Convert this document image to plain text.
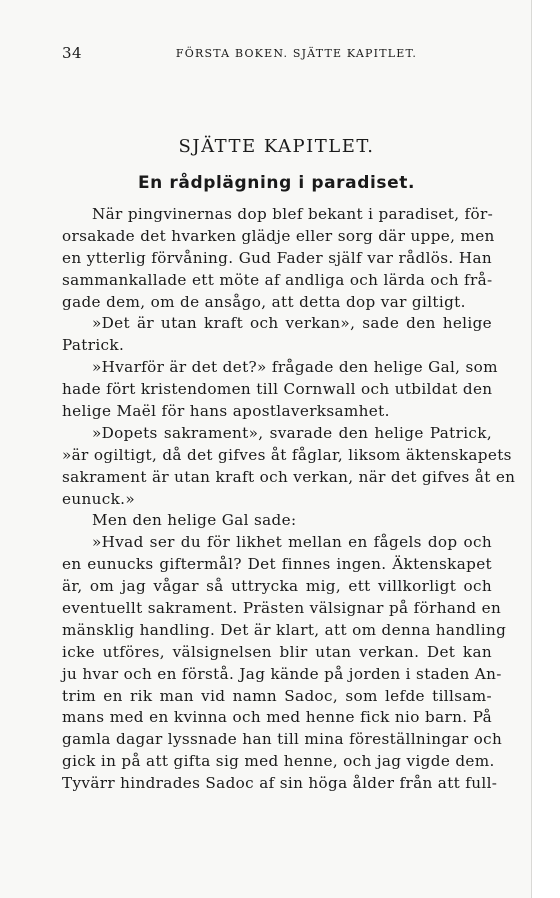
34	FÖRSTA BOKEN. SJÄTTE KAPITLET.
SJÄTTE KAPITLET.
En rådplägning i paradiset.
När pingvinernas dop blef bekant i paradiset, för-
orsakade det hvarken glädje eller sorg där uppe, men
en ytterlig förvåning. Gud Fader själf var rådlös. Han
sammankallade ett möte af andliga och lärda och frå-
gade dem, om de ansågo, att detta dop var giltigt.
»Det är utan kraft och verkan», sade den helige
Patrick.
»Hvarför är det det?» frågade den helige Gal, som
hade fört kristendomen till Cornwall och utbildat den
helige Maël för hans apostlaverksamhet.
»Dopets sakrament», svarade den helige Patrick,
»är ogiltigt, då det gifves åt fåglar, liksom äktenskapets
sakrament är utan kraft och verkan, när det gifves åt en
eunuck.»
Men den helige Gal sade:
»Hvad ser du för likhet mellan en fågels dop och
en eunucks giftermål? Det finnes ingen. Äktenskapet
är, om jag vågar så uttrycka mig, ett villkorligt och
eventuellt sakrament. Prästen välsignar på förhand en
mänsklig handling. Det är klart, att om denna handling
icke utföres, välsignelsen blir utan verkan. Det kan
ju hvar och en förstå. Jag kände på jorden i staden An-
trim en rik man vid namn Sadoc, som lefde tillsam-
mans med en kvinna och med henne fick nio barn. På
gamla dagar lyssnade han till mina föreställningar och
gick in på att gifta sig med henne, och jag vigde dem.
Tyvärr hindrades Sadoc af sin höga ålder från att full-
